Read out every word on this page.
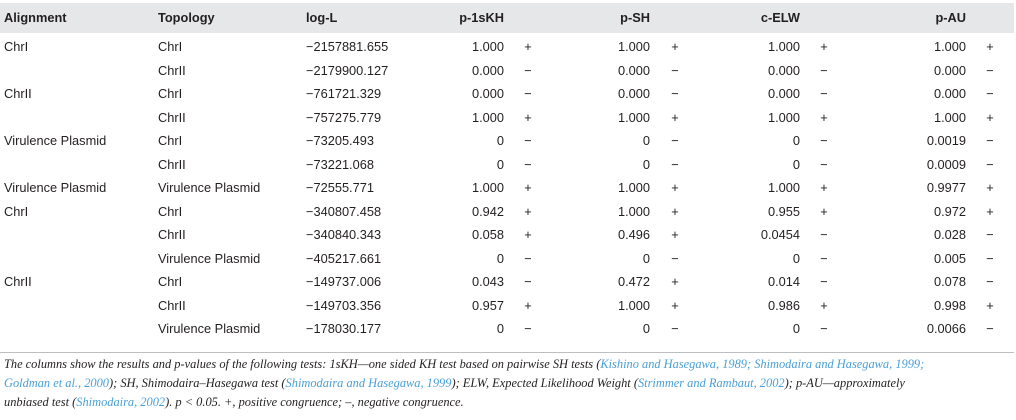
Alignment	Topology	log-L	p-1sKH		p-SH		c-ELW		p-AU	

ChrI	ChrI	−2157881.655	1.000	+	1.000	+	1.000	+	1.000	+
	ChrII	−2179900.127	0.000	−	0.000	−	0.000	−	0.000	−
ChrII	ChrI	−761721.329	0.000	−	0.000	−	0.000	−	0.000	−
	ChrII	−757275.779	1.000	+	1.000	+	1.000	+	1.000	+
Virulence Plasmid	ChrI	−73205.493	0	−	0	−	0	−	0.0019	−
	ChrII	−73221.068	0	−	0	−	0	−	0.0009	−
Virulence Plasmid	Virulence Plasmid	−72555.771	1.000	+	1.000	+	1.000	+	0.9977	+
ChrI	ChrI	−340807.458	0.942	+	1.000	+	0.955	+	0.972	+
	ChrII	−340840.343	0.058	+	0.496	+	0.0454	−	0.028	−
	Virulence Plasmid	−405217.661	0	−	0	−	0	−	0.005	−
ChrII	ChrI	−149737.006	0.043	−	0.472	+	0.014	−	0.078	−
	ChrII	−149703.356	0.957	+	1.000	+	0.986	+	0.998	+
	Virulence Plasmid	−178030.177	0	−	0	−	0	−	0.0066	−
The columns show the results and p-values of the following tests: 1sKH—one sided KH test based on pairwise SH tests (Kishino and Hasegawa, 1989; Shimodaira and Hasegawa, 1999;
Goldman et al., 2000); SH, Shimodaira–Hasegawa test (Shimodaira and Hasegawa, 1999); ELW, Expected Likelihood Weight (Strimmer and Rambaut, 2002); p-AU—approximately
unbiased test (Shimodaira, 2002). p < 0.05. +, positive congruence; –, negative congruence.
